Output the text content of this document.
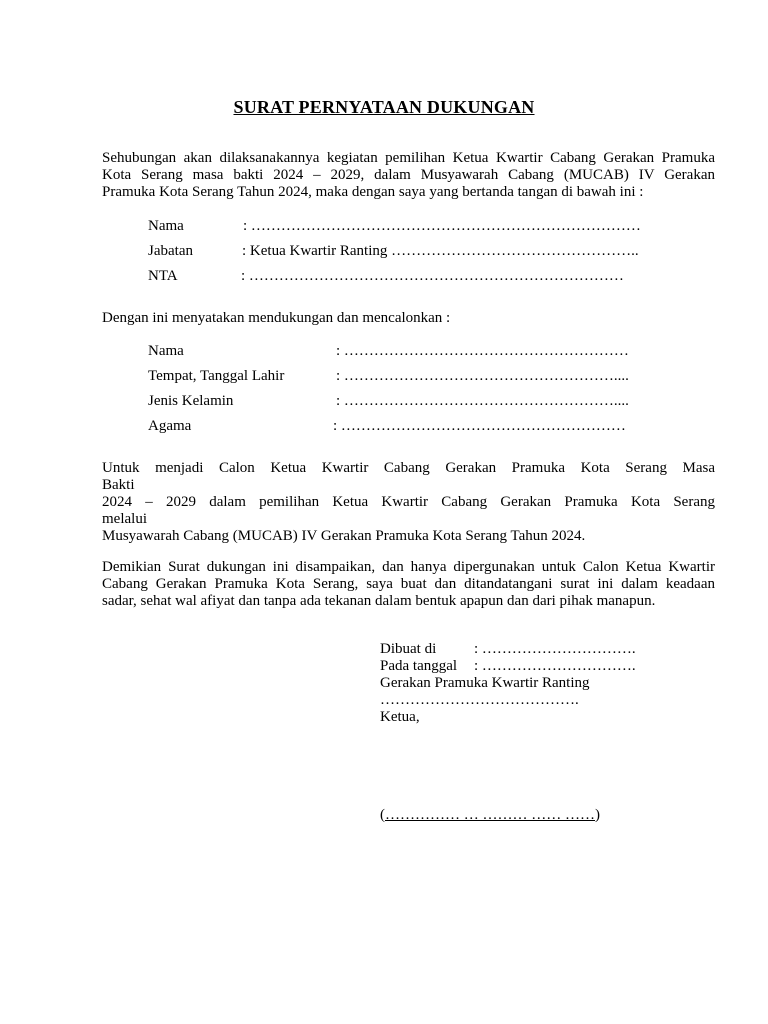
SURAT PERNYATAAN DUKUNGAN
Sehubungan akan dilaksanakannya kegiatan pemilihan Ketua Kwartir Cabang Gerakan Pramuka
Kota Serang masa bakti 2024 – 2029, dalam Musyawarah Cabang (MUCAB) IV Gerakan
Pramuka Kota Serang Tahun 2024, maka dengan saya yang bertanda tangan di bawah ini :
Nama	: ……………………………………………………………………
Jabatan	: Ketua Kwartir Ranting …………………………………………..
NTA	: …………………………………………………………………
Dengan ini menyatakan mendukungan dan mencalonkan :
Nama	: …………………………………………………
Tempat, Tanggal Lahir	: ………………………………………………....
Jenis Kelamin	: ………………………………………………....
Agama	: …………………………………………………
Untuk menjadi Calon Ketua Kwartir Cabang Gerakan Pramuka Kota Serang Masa
Bakti
2024 – 2029 dalam pemilihan Ketua Kwartir Cabang Gerakan Pramuka Kota Serang
melalui
Musyawarah Cabang (MUCAB) IV Gerakan Pramuka Kota Serang Tahun 2024.
Demikian Surat dukungan ini disampaikan, dan hanya dipergunakan untuk Calon Ketua Kwartir
Cabang Gerakan Pramuka Kota Serang, saya buat dan ditandatangani surat ini dalam keadaan
sadar, sehat wal afiyat dan tanpa ada tekanan dalam bentuk apapun dan dari pihak manapun.
Dibuat di	: ………………………….
Pada tanggal : ………………………….
Gerakan Pramuka Kwartir Ranting
………………………………….
Ketua,
(…………… … ……… …… ……)
